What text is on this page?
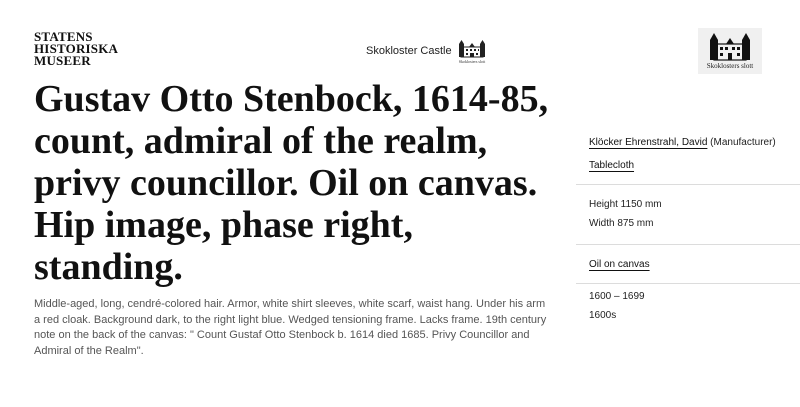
STATENS
HISTORISKA
MUSEER
Skokloster Castle
Skoklosters slott
Skoklosters slott
Gustav Otto Stenbock, 1614-85, count, admiral of the realm, privy councillor. Oil on canvas. Hip image, phase right, standing.

Middle-aged, long, cendré-colored hair. Armor, white shirt sleeves, white scarf, waist hang. Under his arm a red cloak. Background dark, to the right light blue. Wedged tensioning frame. Lacks frame. 19th century note on the back of the canvas: " Count Gustaf Otto Stenbock b. 1614 died 1685. Privy Councillor and Admiral of the Realm".

Klöcker Ehrenstrahl, David (Manufacturer)
Tablecloth
Height 1150 mm
Width 875 mm
Oil on canvas
1600 – 1699
1600s
